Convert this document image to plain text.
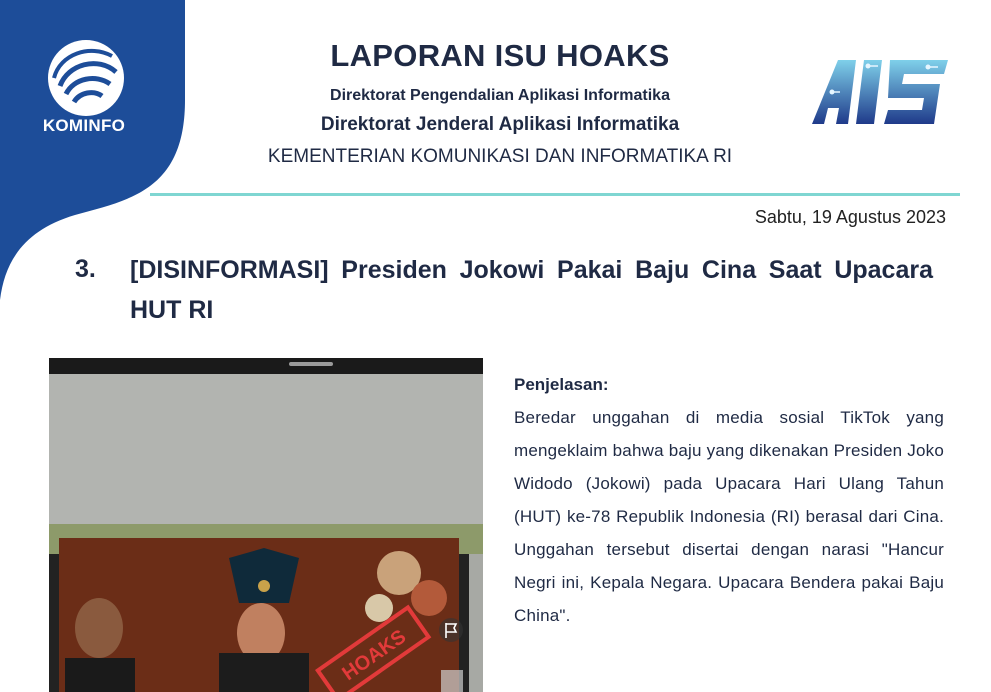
KOMINFO
LAPORAN ISU HOAKS

Direktorat Pengendalian Aplikasi Informatika

Direktorat Jenderal Aplikasi Informatika

KEMENTERIAN KOMUNIKASI DAN INFORMATIKA RI

Sabtu, 19 Agustus 2023
3. [DISINFORMASI] Presiden Jokowi Pakai Baju Cina Saat Upacara HUT RI

HOAKS

Penjelasan:

Beredar unggahan di media sosial TikTok yang mengeklaim bahwa baju yang dikenakan Presiden Joko Widodo (Jokowi) pada Upacara Hari Ulang Tahun (HUT) ke-78 Republik Indonesia (RI) berasal dari Cina. Unggahan tersebut disertai dengan narasi "Hancur Negri ini, Kepala Negara. Upacara Bendera pakai Baju China".
